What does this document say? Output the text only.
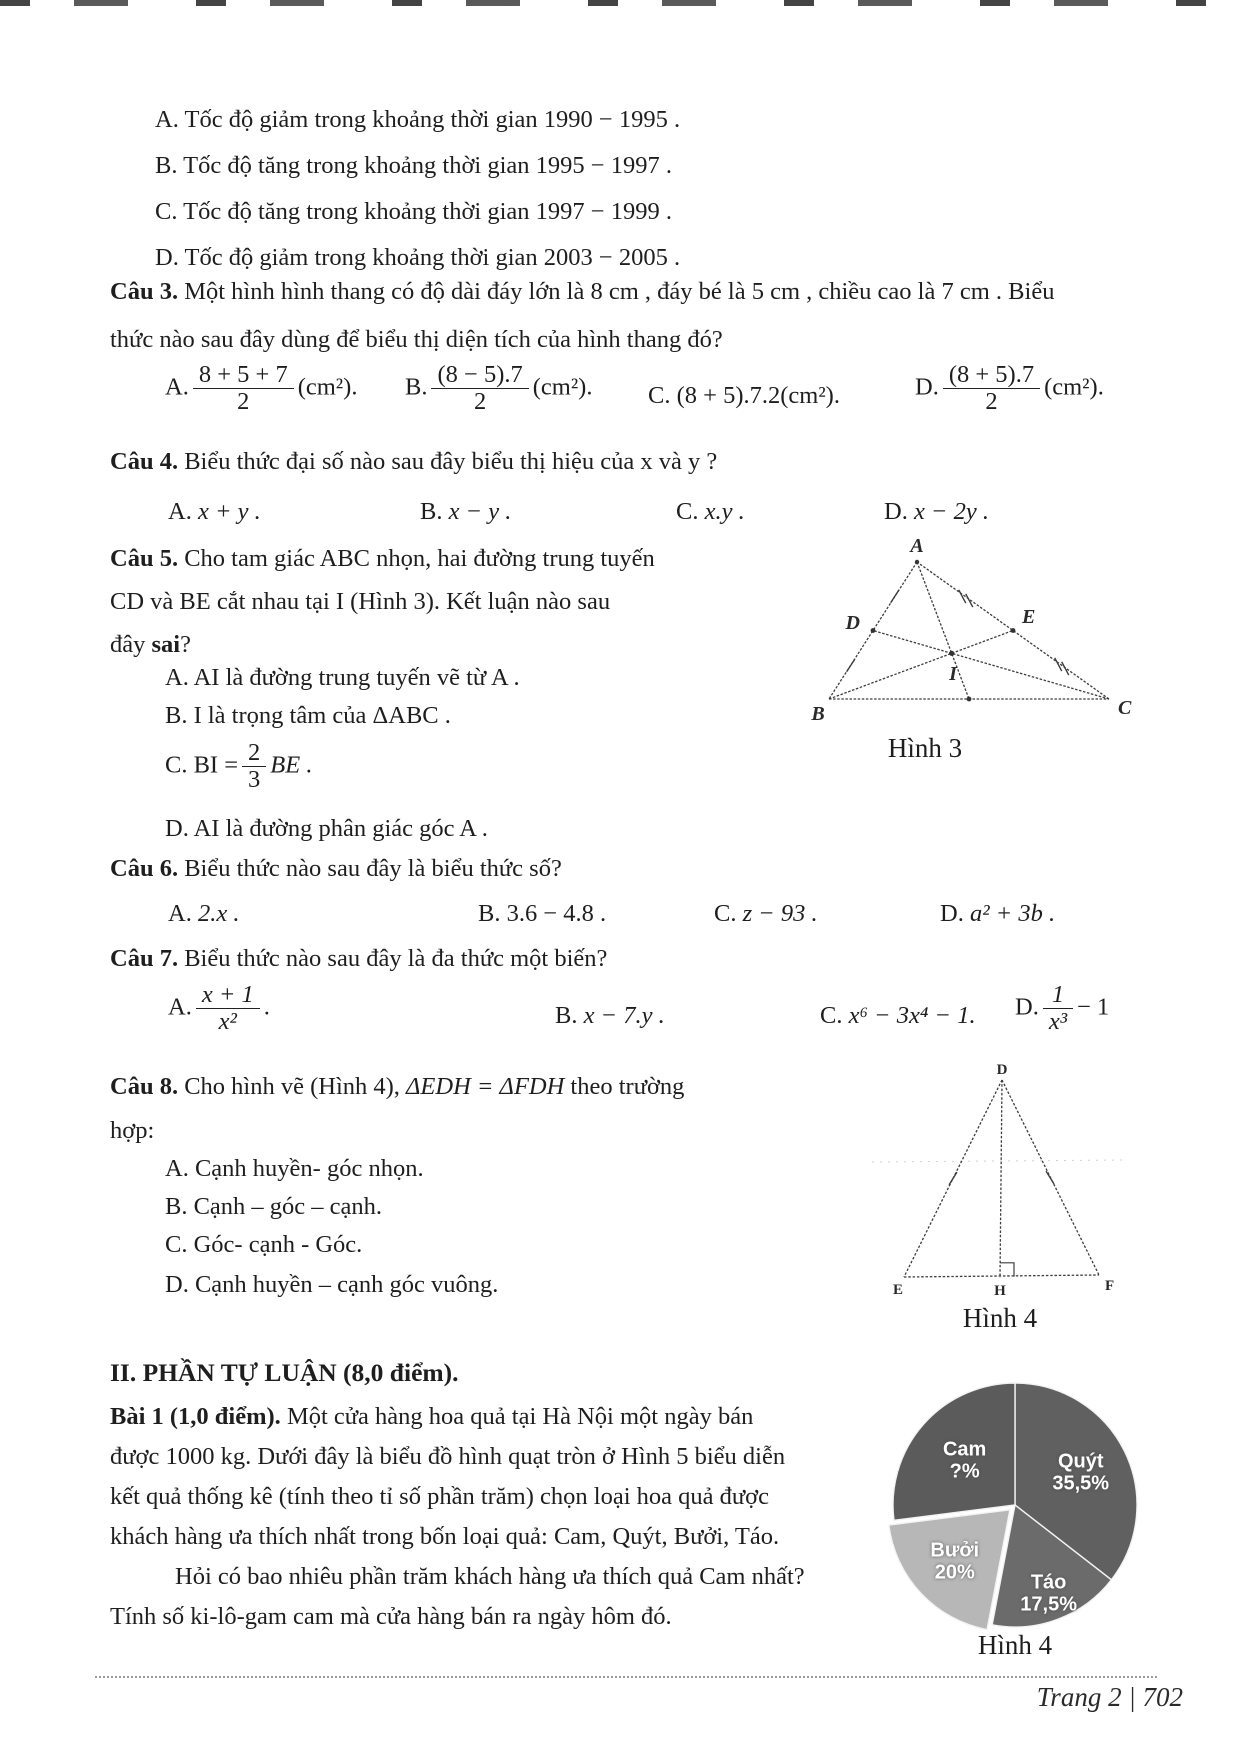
A. Tốc độ giảm trong khoảng thời gian 1990 − 1995 .
B. Tốc độ tăng trong khoảng thời gian 1995 − 1997 .
C. Tốc độ tăng trong khoảng thời gian 1997 − 1999 .
D. Tốc độ giảm trong khoảng thời gian 2003 − 2005 .
Câu 3. Một hình hình thang có độ dài đáy lớn là 8 cm , đáy bé là 5 cm , chiều cao là 7 cm . Biểu
thức nào sau đây dùng để biểu thị diện tích của hình thang đó?
A. $\frac{8 + 5 + 7}{2} (cm^2)$. B. $\frac{(8 - 5).7}{2} (cm^2)$. C. (8 + 5).7.2(cm²).	D. $\frac{(8 + 5).7}{2} (cm^2)$.
Câu 4. Biểu thức đại số nào sau đây biểu thị hiệu của x và y ?
A. x + y .	B. x − y .	C. x.y .	D. x − 2y .
Câu 5. Cho tam giác ABC nhọn, hai đường trung tuyến
CD và BE cắt nhau tại I (Hình 3). Kết luận nào sau
đây sai?
A. AI là đường trung tuyến vẽ từ A .
B. I là trọng tâm của ΔABC .
C. BI = $\frac{2}{3}$ BE .
D. AI là đường phân giác góc A .
A
B	C
D	E
I
Hình 3
Câu 6. Biểu thức nào sau đây là biểu thức số?
A. 2.x .	B. 3.6 − 4.8 .	C. z − 93 .	D. a² + 3b .
Câu 7. Biểu thức nào sau đây là đa thức một biến?
A. $\frac{x + 1}{\text{x²}}$ .	B. x − 7.y .	C. x⁶ − 3x⁴ − 1. D. $\frac{1}{\text{x³}} - 1$
Câu 8. Cho hình vẽ (Hình 4), ΔEDH = ΔFDH theo trường
hợp:
A. Cạnh huyền- góc nhọn.
B. Cạnh – góc – cạnh.
C. Góc- cạnh - Góc.
D. Cạnh huyền – cạnh góc vuông.
D
E	H	F
Hình 4
II. PHẦN TỰ LUẬN (8,0 điểm).
Bài 1 (1,0 điểm). Một cửa hàng hoa quả tại Hà Nội một ngày bán
được 1000 kg. Dưới đây là biểu đồ hình quạt tròn ở Hình 5 biểu diễn
kết quả thống kê (tính theo tỉ số phần trăm) chọn loại hoa quả được
khách hàng ưa thích nhất trong bốn loại quả: Cam, Quýt, Bưởi, Táo.
Hỏi có bao nhiêu phần trăm khách hàng ưa thích quả Cam nhất?
Tính số ki-lô-gam cam mà cửa hàng bán ra ngày hôm đó.
Quýt
35,5%
Táo
17,5%
Bưởi
20%
Cam
?%
Hình 4
Trang 2 | 702
